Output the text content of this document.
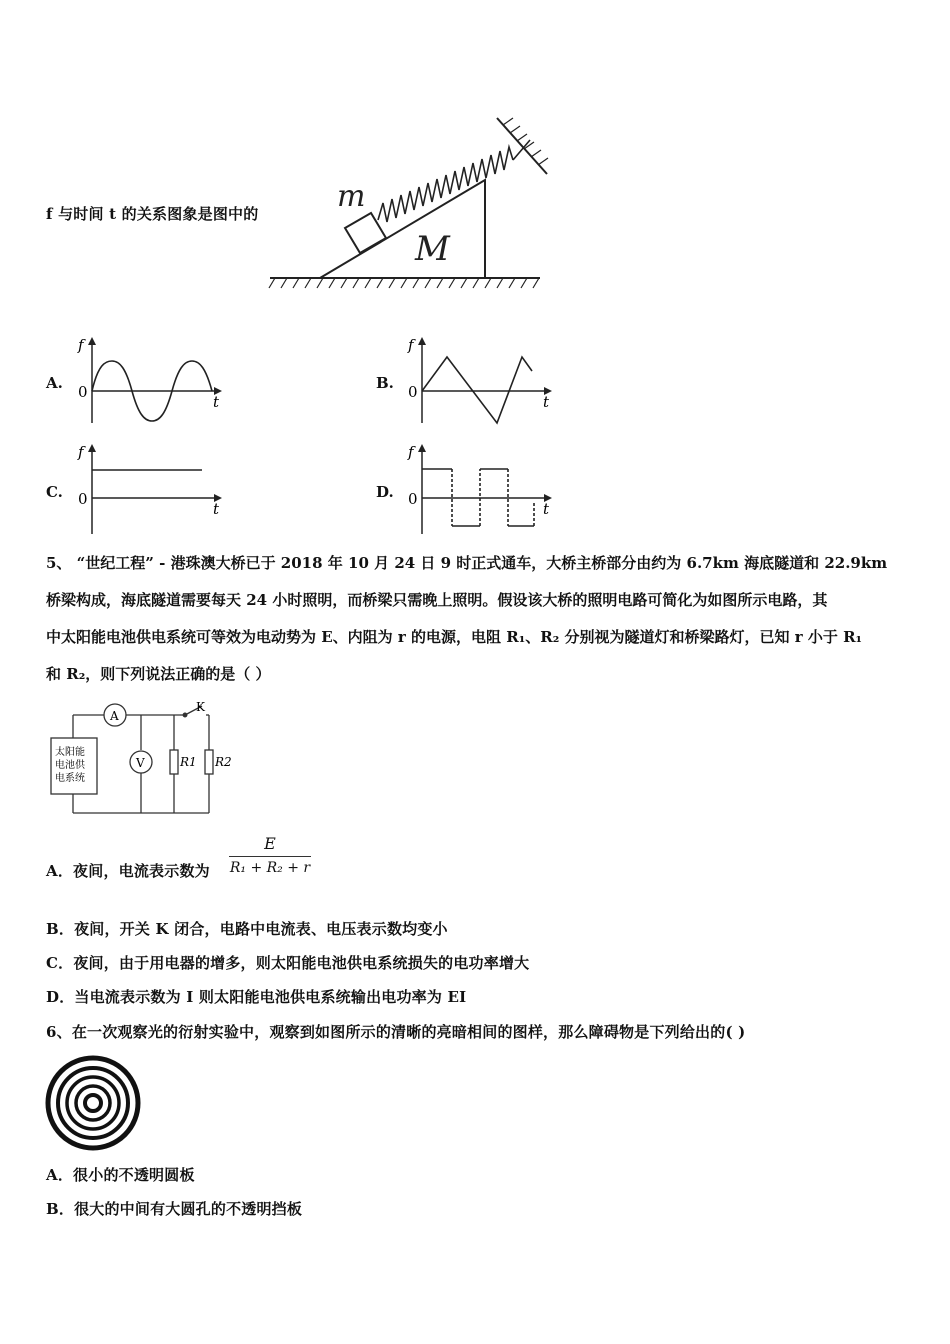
f 与时间 t 的关系图象是图中的
M
m
A.
f
0
t
B.
f
0
t
C.
f
0
t
D.
f
0
t
5、 “世纪工程” - 港珠澳大桥已于 2018 年 10 月 24 日 9 时正式通车，大桥主桥部分由约为 6.7km 海底隧道和 22.9km
桥梁构成，海底隧道需要每天 24 小时照明，而桥梁只需晚上照明。假设该大桥的照明电路可简化为如图所示电路，其
中太阳能电池供电系统可等效为电动势为 E、内阻为 r 的电源，电阻 R₁、R₂ 分别视为隧道灯和桥梁路灯，已知 r 小于 R₁
和 R₂，则下列说法正确的是（ ）
太阳能
电池供
电系统
A
V
K
R1 R2
A．夜间，电流表示数为
E
R₁ + R₂ + r
B．夜间，开关 K 闭合，电路中电流表、电压表示数均变小
C．夜间，由于用电器的增多，则太阳能电池供电系统损失的电功率增大
D．当电流表示数为 I 则太阳能电池供电系统输出电功率为 EI
6、在一次观察光的衍射实验中，观察到如图所示的清晰的亮暗相间的图样，那么障碍物是下列给出的( )
A．很小的不透明圆板
B．很大的中间有大圆孔的不透明挡板
